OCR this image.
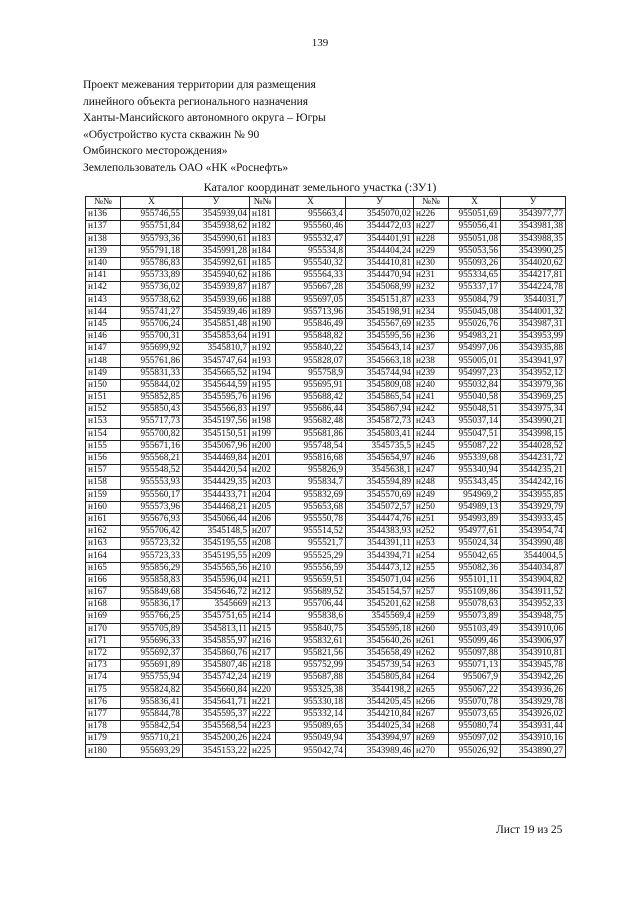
139
Проект межевания территории для размещения
линейного объекта регионального назначения
Ханты-Мансийского автономного округа – Югры
«Обустройство куста скважин № 90
Омбинского месторождения»
Землепользователь ОАО «НК «Роснефть»
Каталог координат земельного участка (:ЗУ1)
№№	Х	У	№№	Х	У	№№	Х	У
н136	955746,55	3545939,04	н181	955663,4	3545070,02	н226	955051,69	3543977,77
н137	955751,84	3545938,62	н182	955560,46	3544472,03	н227	955056,41	3543981,38
н138	955793,36	3545990,61	н183	955532,47	3544401,91	н228	955051,08	3543988,35
н139	955791,18	3545991,28	н184	955534,8	3544404,24	н229	955053,56	3543990,25
н140	955786,83	3545992,61	н185	955540,32	3544410,81	н230	955093,26	3544020,62
н141	955733,89	3545940,62	н186	955564,33	3544470,94	н231	955334,65	3544217,81
н142	955736,02	3545939,87	н187	955667,28	3545068,99	н232	955337,17	3544224,78
н143	955738,62	3545939,66	н188	955697,05	3545151,87	н233	955084,79	3544031,7
н144	955741,27	3545939,46	н189	955713,96	3545198,91	н234	955045,08	3544001,32
н145	955706,24	3545851,48	н190	955846,49	3545567,69	н235	955026,76	3543987,31
н146	955700,31	3545853,64	н191	955848,82	3545595,56	н236	954983,21	3543953,99
н147	955699,92	3545810,7	н192	955840,22	3545643,14	н237	954997,06	3543935,88
н148	955761,86	3545747,64	н193	955828,07	3545663,18	н238	955005,01	3543941,97
н149	955831,33	3545665,52	н194	955758,9	3545744,94	н239	954997,23	3543952,12
н150	955844,02	3545644,59	н195	955695,91	3545809,08	н240	955032,84	3543979,36
н151	955852,85	3545595,76	н196	955688,42	3545865,54	н241	955040,58	3543969,25
н152	955850,43	3545566,83	н197	955686,44	3545867,94	н242	955048,51	3543975,34
н153	955717,73	3545197,56	н198	955682,48	3545872,73	н243	955037,14	3543990,21
н154	955700,82	3545150,51	н199	955681,86	3545803,41	н244	955047,51	3543998,15
н155	955671,16	3545067,96	н200	955748,54	3545735,5	н245	955087,22	3544028,52
н156	955568,21	3544469,84	н201	955816,68	3545654,97	н246	955339,68	3544231,72
н157	955548,52	3544420,54	н202	955826,9	3545638,1	н247	955340,94	3544235,21
н158	955553,93	3544429,35	н203	955834,7	3545594,89	н248	955343,45	3544242,16
н159	955560,17	3544433,71	н204	955832,69	3545570,69	н249	954969,2	3543955,85
н160	955573,96	3544468,21	н205	955653,68	3545072,57	н250	954989,13	3543929,79
н161	955676,93	3545066,44	н206	955550,78	3544474,76	н251	954993,89	3543933,45
н162	955706,42	3545148,5	н207	955514,52	3544383,93	н252	954977,61	3543954,74
н163	955723,32	3545195,55	н208	955521,7	3544391,11	н253	955024,34	3543990,48
н164	955723,33	3545195,55	н209	955525,29	3544394,71	н254	955042,65	3544004,5
н165	955856,29	3545565,56	н210	955556,59	3544473,12	н255	955082,36	3544034,87
н166	955858,83	3545596,04	н211	955659,51	3545071,04	н256	955101,11	3543904,82
н167	955849,68	3545646,72	н212	955689,52	3545154,57	н257	955109,86	3543911,52
н168	955836,17	3545669	н213	955706,44	3545201,62	н258	955078,63	3543952,33
н169	955766,25	3545751,65	н214	955838,6	3545569,4	н259	955073,89	3543948,75
н170	955705,89	3545813,11	н215	955840,75	3545595,18	н260	955103,49	3543910,06
н171	955696,33	3545855,97	н216	955832,61	3545640,26	н261	955099,46	3543906,97
н172	955692,37	3545860,76	н217	955821,56	3545658,49	н262	955097,88	3543910,81
н173	955691,89	3545807,46	н218	955752,99	3545739,54	н263	955071,13	3543945,78
н174	955755,94	3545742,24	н219	955687,88	3545805,84	н264	955067,9	3543942,26
н175	955824,82	3545660,84	н220	955325,38	3544198,2	н265	955067,22	3543936,26
н176	955836,41	3545641,71	н221	955330,18	3544205,45	н266	955070,78	3543929,78
н177	955844,78	3545595,37	н222	955332,14	3544210,84	н267	955073,65	3543926,02
н178	955842,54	3545568,54	н223	955089,65	3544025,34	н268	955080,74	3543931,44
н179	955710,21	3545200,26	н224	955049,94	3543994,97	н269	955097,02	3543910,16
н180	955693,29	3545153,22	н225	955042,74	3543989,46	н270	955026,92	3543890,27
Лист 19 из 25
